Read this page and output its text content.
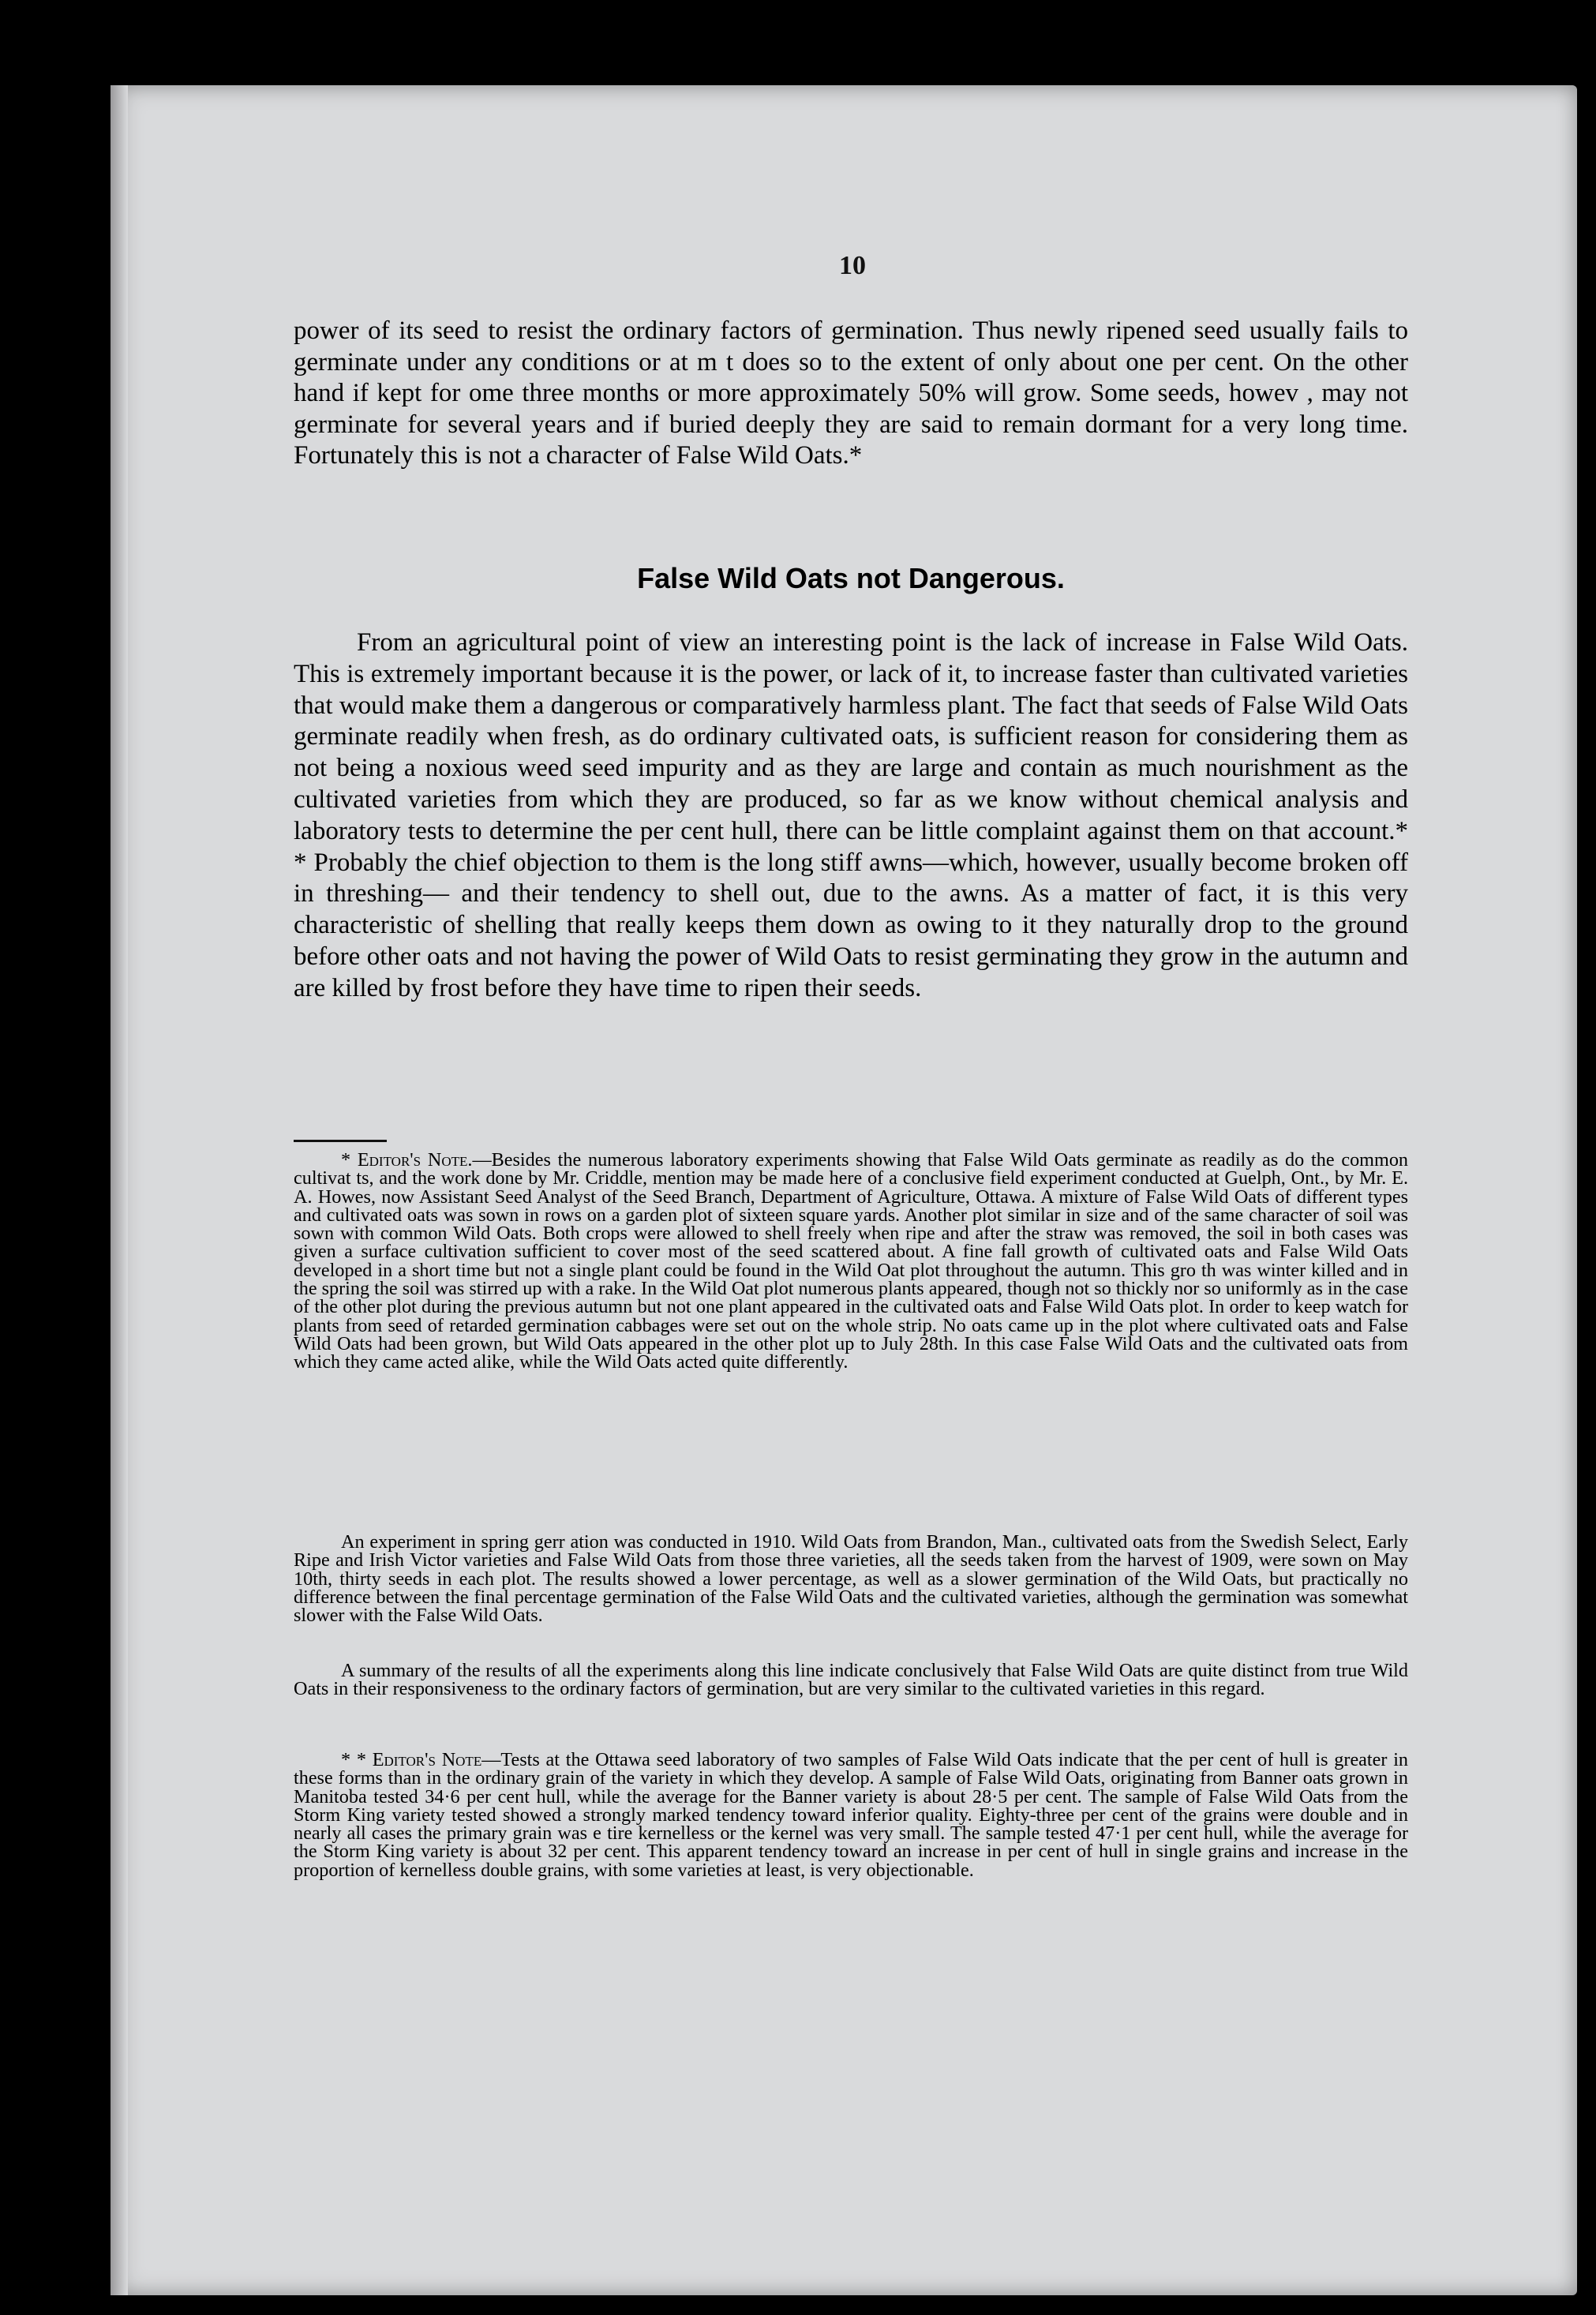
10

power of its seed to resist the ordinary factors of germination. Thus newly ripened seed usually fails to germinate under any conditions or at m t does so to the extent of only about one per cent. On the other hand if kept for ome three months or more approximately 50% will grow. Some seeds, howev , may not germinate for several years and if buried deeply they are said to remain dormant for a very long time. Fortunately this is not a character of False Wild Oats.*

False Wild Oats not Dangerous.

From an agricultural point of view an interesting point is the lack of increase in False Wild Oats. This is extremely important because it is the power, or lack of it, to increase faster than cultivated varieties that would make them a dangerous or comparatively harmless plant. The fact that seeds of False Wild Oats germinate readily when fresh, as do ordinary cultivated oats, is sufficient reason for considering them as not being a noxious weed seed impurity and as they are large and contain as much nourishment as the cultivated varieties from which they are produced, so far as we know without chemical analysis and laboratory tests to determine the per cent hull, there can be little complaint against them on that account.* * Probably the chief objection to them is the long stiff awns—which, however, usually become broken off in threshing— and their tendency to shell out, due to the awns. As a matter of fact, it is this very characteristic of shelling that really keeps them down as owing to it they naturally drop to the ground before other oats and not having the power of Wild Oats to resist germinating they grow in the autumn and are killed by frost before they have time to ripen their seeds.

* Editor's Note.—Besides the numerous laboratory experiments showing that False Wild Oats germinate as readily as do the common cultivat ts, and the work done by Mr. Criddle, mention may be made here of a conclusive field experiment conducted at Guelph, Ont., by Mr. E. A. Howes, now Assistant Seed Analyst of the Seed Branch, Department of Agriculture, Ottawa. A mixture of False Wild Oats of different types and cultivated oats was sown in rows on a garden plot of sixteen square yards. Another plot similar in size and of the same character of soil was sown with common Wild Oats. Both crops were allowed to shell freely when ripe and after the straw was removed, the soil in both cases was given a surface cultivation sufficient to cover most of the seed scattered about. A fine fall growth of cultivated oats and False Wild Oats developed in a short time but not a single plant could be found in the Wild Oat plot throughout the autumn. This gro th was winter killed and in the spring the soil was stirred up with a rake. In the Wild Oat plot numerous plants appeared, though not so thickly nor so uniformly as in the case of the other plot during the previous autumn but not one plant appeared in the cultivated oats and False Wild Oats plot. In order to keep watch for plants from seed of retarded germination cabbages were set out on the whole strip. No oats came up in the plot where cultivated oats and False Wild Oats had been grown, but Wild Oats appeared in the other plot up to July 28th. In this case False Wild Oats and the cultivated oats from which they came acted alike, while the Wild Oats acted quite differently.

An experiment in spring gerr ation was conducted in 1910. Wild Oats from Brandon, Man., cultivated oats from the Swedish Select, Early Ripe and Irish Victor varieties and False Wild Oats from those three varieties, all the seeds taken from the harvest of 1909, were sown on May 10th, thirty seeds in each plot. The results showed a lower percentage, as well as a slower germination of the Wild Oats, but practically no difference between the final percentage germination of the False Wild Oats and the cultivated varieties, although the germination was somewhat slower with the False Wild Oats.

A summary of the results of all the experiments along this line indicate conclusively that False Wild Oats are quite distinct from true Wild Oats in their responsiveness to the ordinary factors of germination, but are very similar to the cultivated varieties in this regard.

* * Editor's Note—Tests at the Ottawa seed laboratory of two samples of False Wild Oats indicate that the per cent of hull is greater in these forms than in the ordinary grain of the variety in which they develop. A sample of False Wild Oats, originating from Banner oats grown in Manitoba tested 34·6 per cent hull, while the average for the Banner variety is about 28·5 per cent. The sample of False Wild Oats from the Storm King variety tested showed a strongly marked tendency toward inferior quality. Eighty-three per cent of the grains were double and in nearly all cases the primary grain was e tire kernelless or the kernel was very small. The sample tested 47·1 per cent hull, while the average for the Storm King variety is about 32 per cent. This apparent tendency toward an increase in per cent of hull in single grains and increase in the proportion of kernelless double grains, with some varieties at least, is very objectionable.
